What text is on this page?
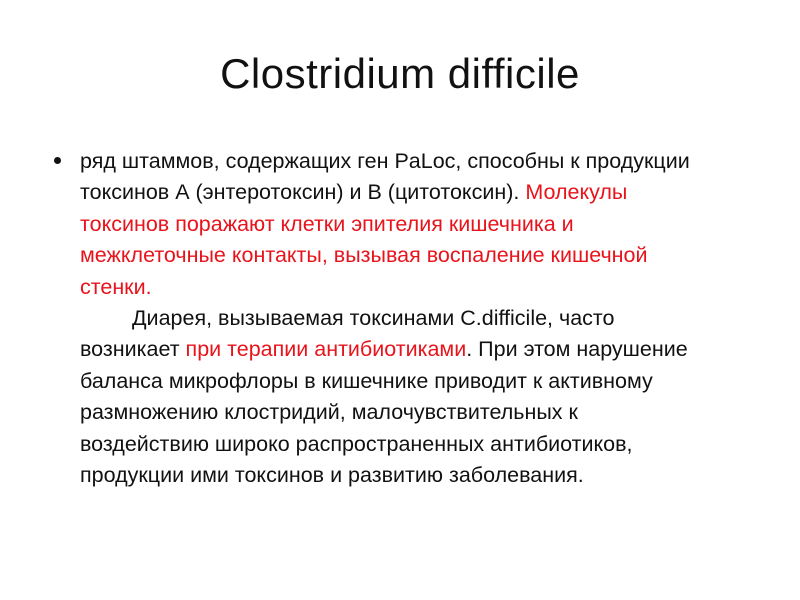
Clostridium difficile
ряд штаммов, содержащих ген PaLoc, способны к продукции токсинов А (энтеротоксин) и В (цитотоксин). Молекулы токсинов поражают клетки эпителия кишечника и межклеточные контакты, вызывая воспаление кишечной стенки.
Диарея, вызываемая токсинами C.difficile, часто возникает при терапии антибиотиками. При этом нарушение баланса микрофлоры в кишечнике приводит к активному размножению клостридий, малочувствительных к воздействию широко распространенных антибиотиков, продукции ими токсинов и развитию заболевания.
